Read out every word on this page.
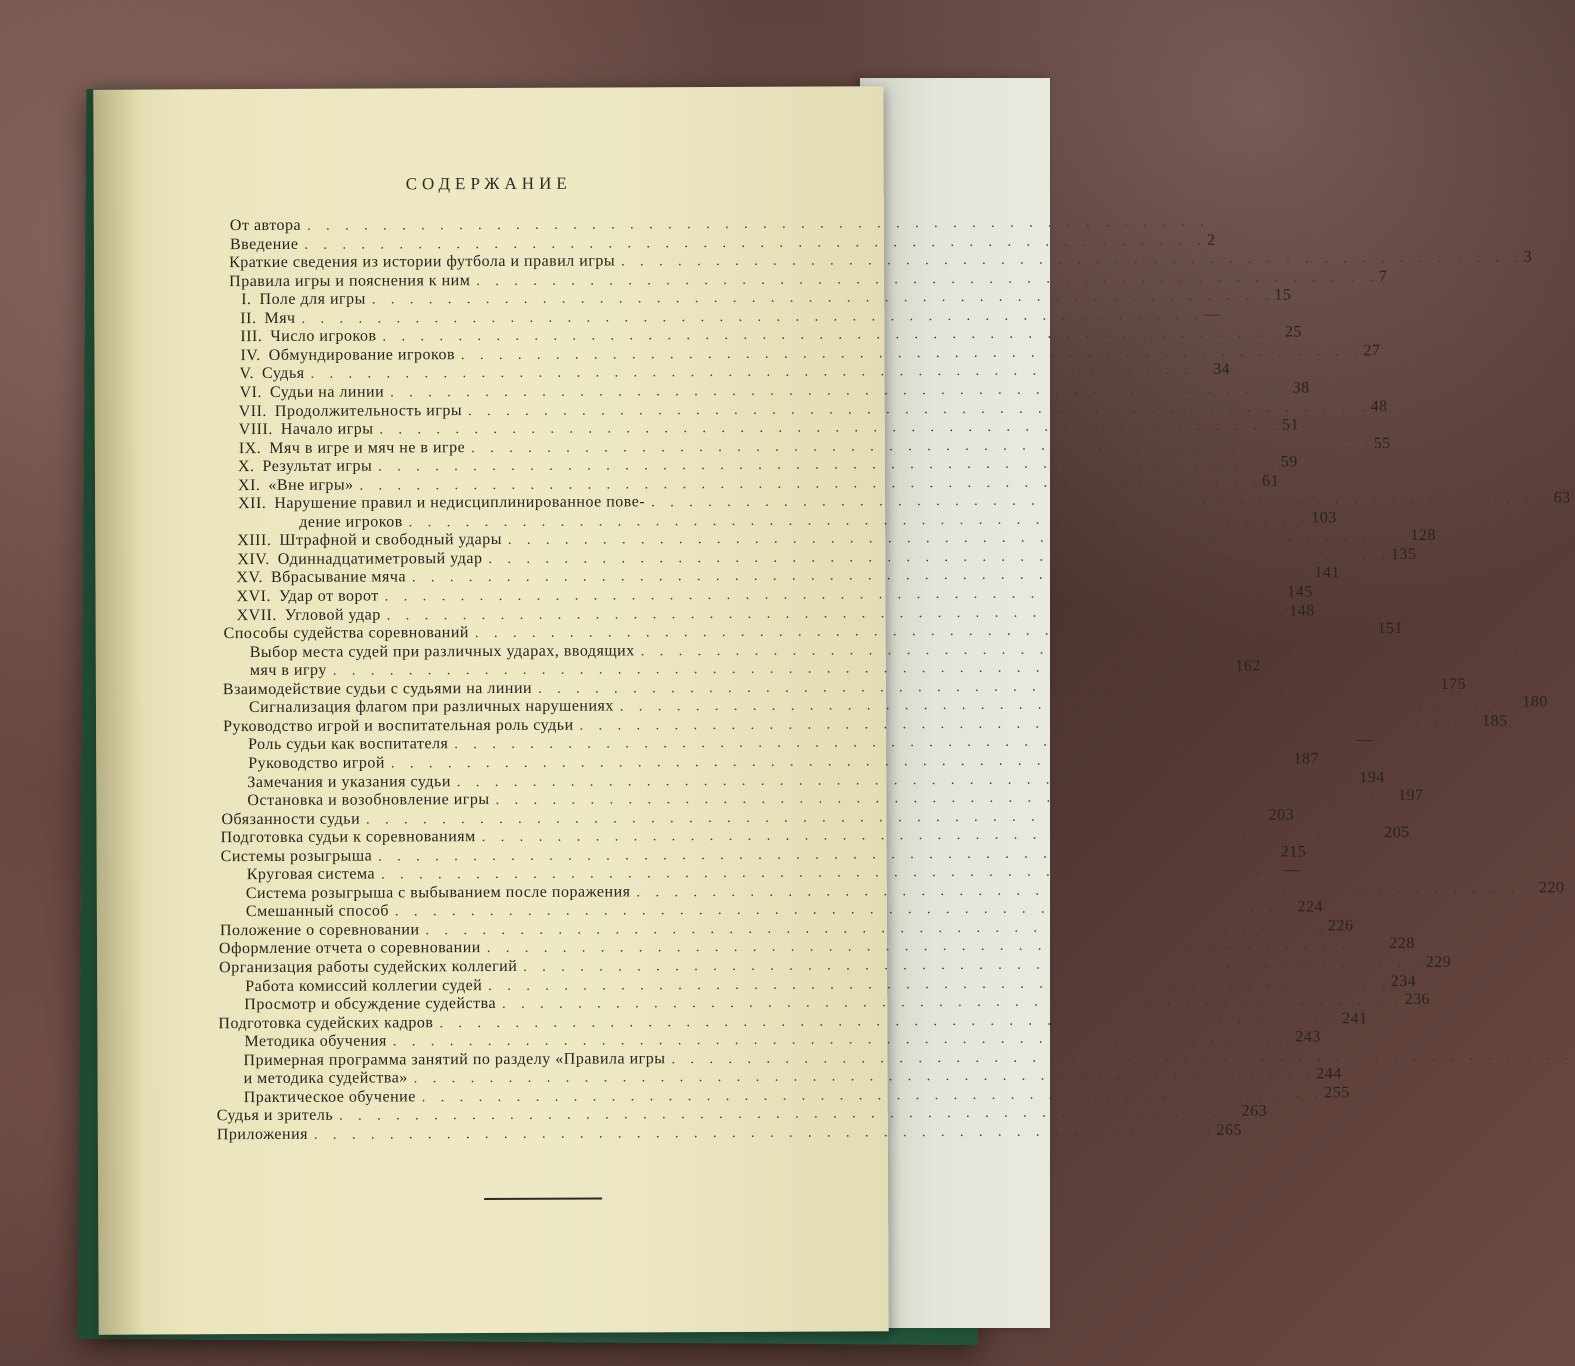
СОДЕРЖАНИЕ
От автора . . . . . . . . . . . . . . . . . . . . . . . . . . . . . . . . . . . . . . . . . . . . . . . .
Введение . . . . . . . . . . . . . . . . . . . . . . . . . . . . . . . . . . . . . . . . . . . . . . . . 2
Краткие сведения из истории футбола и правил игры . . . . . . . . . . . . . . . . . . . . . . . . . . . . . . . . . . . . . . . . . . . . . . . . 3
Правила игры и пояснения к ним . . . . . . . . . . . . . . . . . . . . . . . . . . . . . . . . . . . . . . . . . . . . . . . . 7
I. Поле для игры . . . . . . . . . . . . . . . . . . . . . . . . . . . . . . . . . . . . . . . . . . . . . . . . 15
II. Мяч . . . . . . . . . . . . . . . . . . . . . . . . . . . . . . . . . . . . . . . . . . . . . . . . —
III. Число игроков . . . . . . . . . . . . . . . . . . . . . . . . . . . . . . . . . . . . . . . . . . . . . . . . 25
IV. Обмундирование игроков . . . . . . . . . . . . . . . . . . . . . . . . . . . . . . . . . . . . . . . . . . . . . . . . 27
V. Судья . . . . . . . . . . . . . . . . . . . . . . . . . . . . . . . . . . . . . . . . . . . . . . . . 34
VI. Судьи на линии . . . . . . . . . . . . . . . . . . . . . . . . . . . . . . . . . . . . . . . . . . . . . . . . 38
VII. Продолжительность игры . . . . . . . . . . . . . . . . . . . . . . . . . . . . . . . . . . . . . . . . . . . . . . . . 48
VIII. Начало игры . . . . . . . . . . . . . . . . . . . . . . . . . . . . . . . . . . . . . . . . . . . . . . . . 51
IX. Мяч в игре и мяч не в игре . . . . . . . . . . . . . . . . . . . . . . . . . . . . . . . . . . . . . . . . . . . . . . . . 55
X. Результат игры . . . . . . . . . . . . . . . . . . . . . . . . . . . . . . . . . . . . . . . . . . . . . . . . 59
XI. «Вне игры» . . . . . . . . . . . . . . . . . . . . . . . . . . . . . . . . . . . . . . . . . . . . . . . . 61
XII. Нарушение правил и недисциплинированное пове- . . . . . . . . . . . . . . . . . . . . . . . . . . . . . . . . . . . . . . . . . . . . . . . . 63
дение игроков . . . . . . . . . . . . . . . . . . . . . . . . . . . . . . . . . . . . . . . . . . . . . . . . 103
XIII. Штрафной и свободный удары . . . . . . . . . . . . . . . . . . . . . . . . . . . . . . . . . . . . . . . . . . . . . . . . 128
XIV. Одиннадцатиметровый удар . . . . . . . . . . . . . . . . . . . . . . . . . . . . . . . . . . . . . . . . . . . . . . . . 135
XV. Вбрасывание мяча . . . . . . . . . . . . . . . . . . . . . . . . . . . . . . . . . . . . . . . . . . . . . . . . 141
XVI. Удар от ворот . . . . . . . . . . . . . . . . . . . . . . . . . . . . . . . . . . . . . . . . . . . . . . . . 145
XVII. Угловой удар . . . . . . . . . . . . . . . . . . . . . . . . . . . . . . . . . . . . . . . . . . . . . . . . 148
Способы судейства соревнований . . . . . . . . . . . . . . . . . . . . . . . . . . . . . . . . . . . . . . . . . . . . . . . . 151
Выбор места судей при различных ударах, вводящих . . . . . . . . . . . . . . . . . . . . . . . . . . . . . . . . . . . . . . . . . . . . . . . .
мяч в игру . . . . . . . . . . . . . . . . . . . . . . . . . . . . . . . . . . . . . . . . . . . . . . . . 162
Взаимодействие судьи с судьями на линии . . . . . . . . . . . . . . . . . . . . . . . . . . . . . . . . . . . . . . . . . . . . . . . . 175
Сигнализация флагом при различных нарушениях . . . . . . . . . . . . . . . . . . . . . . . . . . . . . . . . . . . . . . . . . . . . . . . . 180
Руководство игрой и воспитательная роль судьи . . . . . . . . . . . . . . . . . . . . . . . . . . . . . . . . . . . . . . . . . . . . . . . . 185
Роль судьи как воспитателя . . . . . . . . . . . . . . . . . . . . . . . . . . . . . . . . . . . . . . . . . . . . . . . . —
Руководство игрой . . . . . . . . . . . . . . . . . . . . . . . . . . . . . . . . . . . . . . . . . . . . . . . . 187
Замечания и указания судьи . . . . . . . . . . . . . . . . . . . . . . . . . . . . . . . . . . . . . . . . . . . . . . . . 194
Остановка и возобновление игры . . . . . . . . . . . . . . . . . . . . . . . . . . . . . . . . . . . . . . . . . . . . . . . . 197
Обязанности судьи . . . . . . . . . . . . . . . . . . . . . . . . . . . . . . . . . . . . . . . . . . . . . . . . 203
Подготовка судьи к соревнованиям . . . . . . . . . . . . . . . . . . . . . . . . . . . . . . . . . . . . . . . . . . . . . . . . 205
Системы розыгрыша . . . . . . . . . . . . . . . . . . . . . . . . . . . . . . . . . . . . . . . . . . . . . . . . 215
Круговая система . . . . . . . . . . . . . . . . . . . . . . . . . . . . . . . . . . . . . . . . . . . . . . . . —
Система розыгрыша с выбыванием после поражения . . . . . . . . . . . . . . . . . . . . . . . . . . . . . . . . . . . . . . . . . . . . . . . . 220
Смешанный способ . . . . . . . . . . . . . . . . . . . . . . . . . . . . . . . . . . . . . . . . . . . . . . . . 224
Положение о соревновании . . . . . . . . . . . . . . . . . . . . . . . . . . . . . . . . . . . . . . . . . . . . . . . . 226
Оформление отчета о соревновании . . . . . . . . . . . . . . . . . . . . . . . . . . . . . . . . . . . . . . . . . . . . . . . . 228
Организация работы судейских коллегий . . . . . . . . . . . . . . . . . . . . . . . . . . . . . . . . . . . . . . . . . . . . . . . . 229
Работа комиссий коллегии судей . . . . . . . . . . . . . . . . . . . . . . . . . . . . . . . . . . . . . . . . . . . . . . . . 234
Просмотр и обсуждение судейства . . . . . . . . . . . . . . . . . . . . . . . . . . . . . . . . . . . . . . . . . . . . . . . . 236
Подготовка судейских кадров . . . . . . . . . . . . . . . . . . . . . . . . . . . . . . . . . . . . . . . . . . . . . . . . 241
Методика обучения . . . . . . . . . . . . . . . . . . . . . . . . . . . . . . . . . . . . . . . . . . . . . . . . 243
Примерная программа занятий по разделу «Правила игры . . . . . . . . . . . . . . . . . . . . . . . . . . . . . . . . . . . . . . . . . . . . . . . .
и методика судейства» . . . . . . . . . . . . . . . . . . . . . . . . . . . . . . . . . . . . . . . . . . . . . . . . 244
Практическое обучение . . . . . . . . . . . . . . . . . . . . . . . . . . . . . . . . . . . . . . . . . . . . . . . . 255
Судья и зритель . . . . . . . . . . . . . . . . . . . . . . . . . . . . . . . . . . . . . . . . . . . . . . . . 263
Приложения . . . . . . . . . . . . . . . . . . . . . . . . . . . . . . . . . . . . . . . . . . . . . . . . 265
